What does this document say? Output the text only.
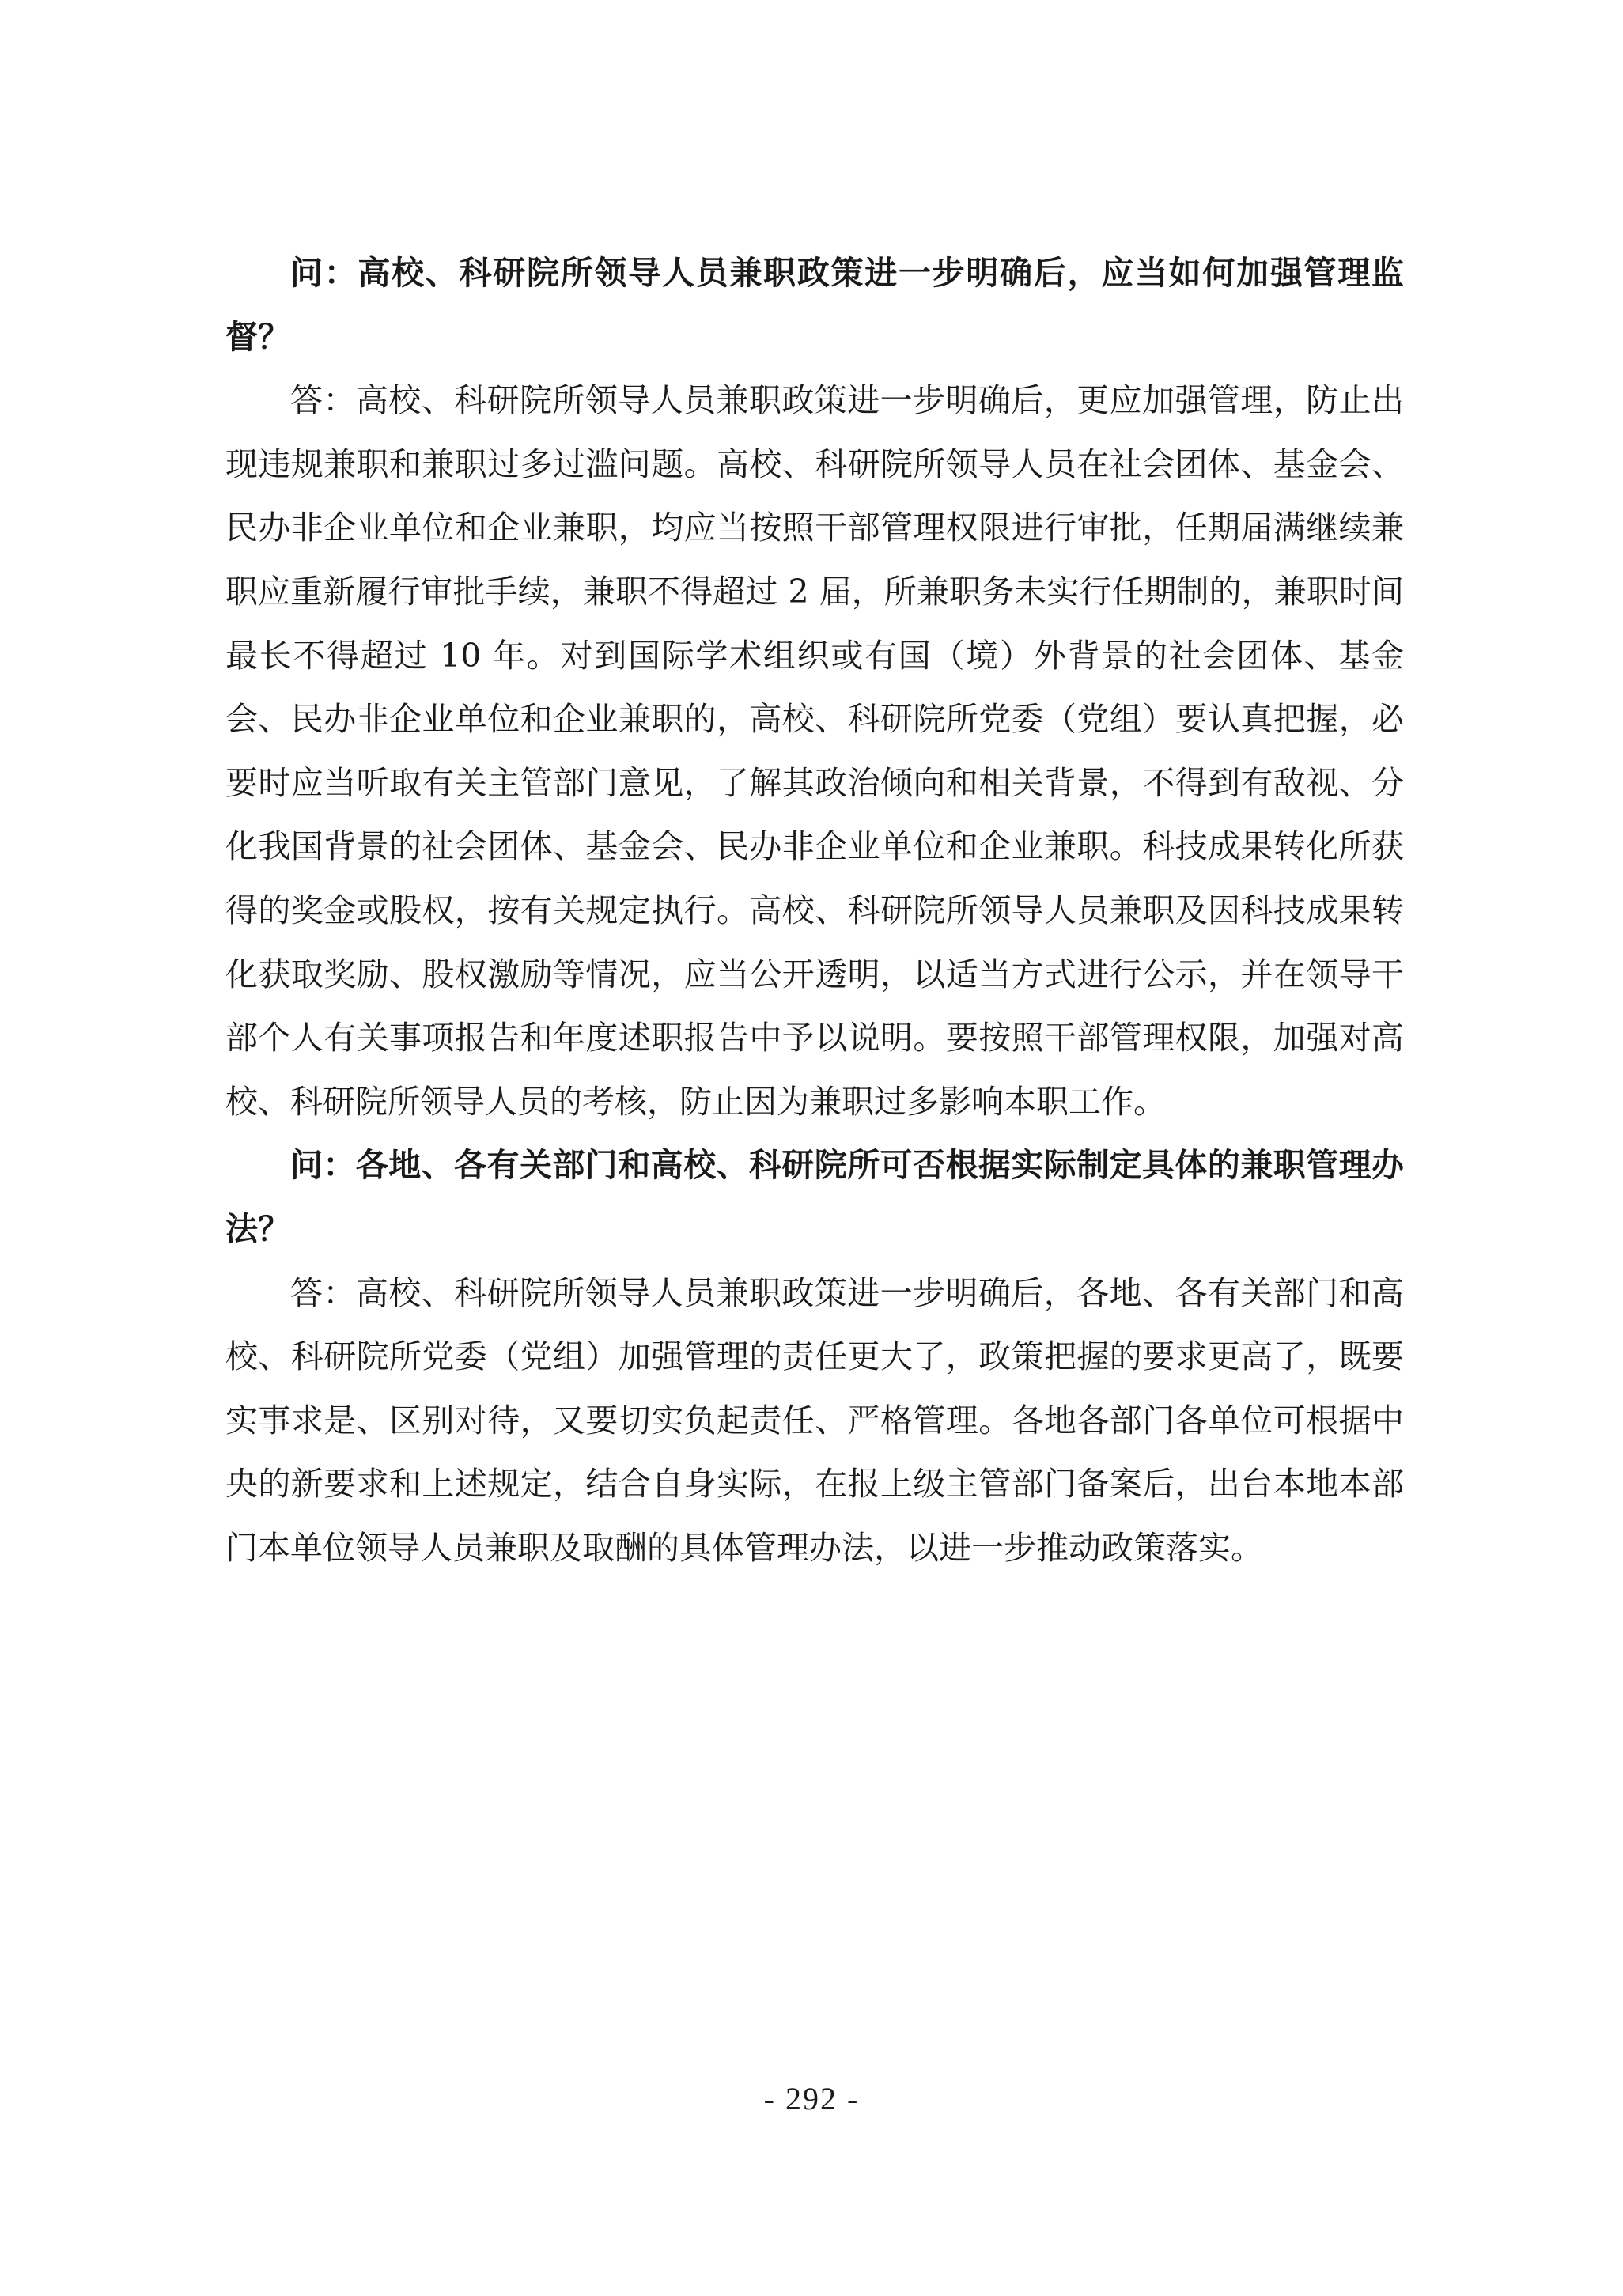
问：高校、科研院所领导人员兼职政策进一步明确后，应当如何加强管理监督？

答：高校、科研院所领导人员兼职政策进一步明确后，更应加强管理，防止出现违规兼职和兼职过多过滥问题。高校、科研院所领导人员在社会团体、基金会、民办非企业单位和企业兼职，均应当按照干部管理权限进行审批，任期届满继续兼职应重新履行审批手续，兼职不得超过 2 届，所兼职务未实行任期制的，兼职时间最长不得超过 10 年。对到国际学术组织或有国（境）外背景的社会团体、基金会、民办非企业单位和企业兼职的，高校、科研院所党委（党组）要认真把握，必要时应当听取有关主管部门意见，了解其政治倾向和相关背景，不得到有敌视、分化我国背景的社会团体、基金会、民办非企业单位和企业兼职。科技成果转化所获得的奖金或股权，按有关规定执行。高校、科研院所领导人员兼职及因科技成果转化获取奖励、股权激励等情况，应当公开透明，以适当方式进行公示，并在领导干部个人有关事项报告和年度述职报告中予以说明。要按照干部管理权限，加强对高校、科研院所领导人员的考核，防止因为兼职过多影响本职工作。

问：各地、各有关部门和高校、科研院所可否根据实际制定具体的兼职管理办法？

答：高校、科研院所领导人员兼职政策进一步明确后，各地、各有关部门和高校、科研院所党委（党组）加强管理的责任更大了，政策把握的要求更高了，既要实事求是、区别对待，又要切实负起责任、严格管理。各地各部门各单位可根据中央的新要求和上述规定，结合自身实际，在报上级主管部门备案后，出台本地本部门本单位领导人员兼职及取酬的具体管理办法，以进一步推动政策落实。

- 292 -
